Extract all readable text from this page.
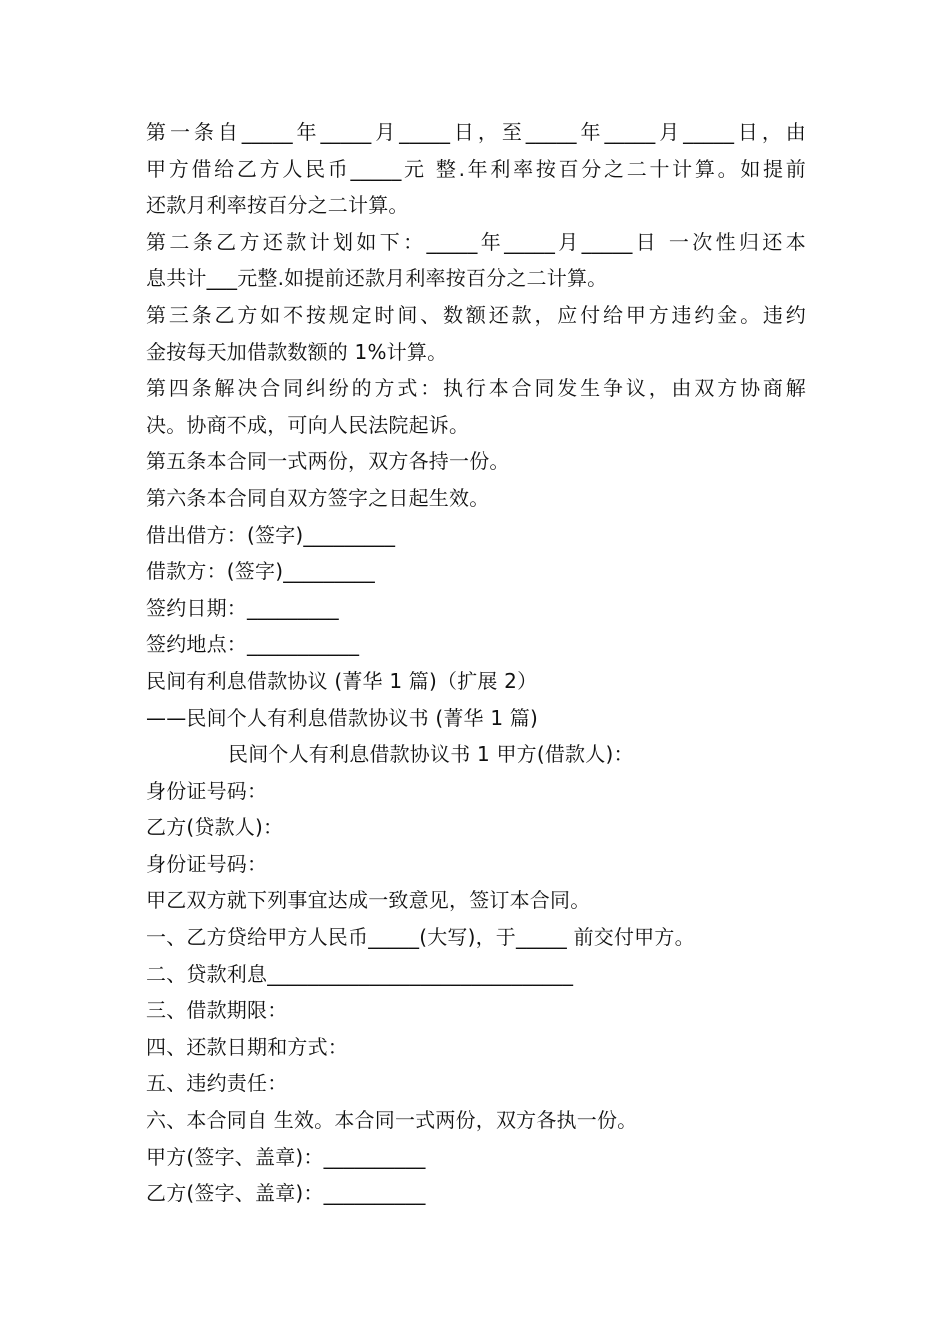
第一条自_____年_____月_____日，至_____年_____月_____日，由
甲方借给乙方人民币_____元 整.年利率按百分之二十计算。如提前
还款月利率按百分之二计算。
第二条乙方还款计划如下：_____年_____月_____日 一次性归还本
息共计___元整.如提前还款月利率按百分之二计算。
第三条乙方如不按规定时间、数额还款，应付给甲方违约金。违约
金按每天加借款数额的 1%计算。
第四条解决合同纠纷的方式：执行本合同发生争议，由双方协商解
决。协商不成，可向人民法院起诉。
第五条本合同一式两份，双方各持一份。
第六条本合同自双方签字之日起生效。
借出借方：(签字)_________
借款方：(签字)_________
签约日期：_________
签约地点：___________
民间有利息借款协议 (菁华 1 篇)（扩展 2）
——民间个人有利息借款协议书 (菁华 1 篇)
民间个人有利息借款协议书 1 甲方(借款人)：
身份证号码：
乙方(贷款人)：
身份证号码：
甲乙双方就下列事宜达成一致意见，签订本合同。
一、乙方贷给甲方人民币_____(大写)，于_____ 前交付甲方。
二、贷款利息______________________________
三、借款期限：
四、还款日期和方式：
五、违约责任：
六、本合同自 生效。本合同一式两份，双方各执一份。
甲方(签字、盖章)：__________
乙方(签字、盖章)：__________
